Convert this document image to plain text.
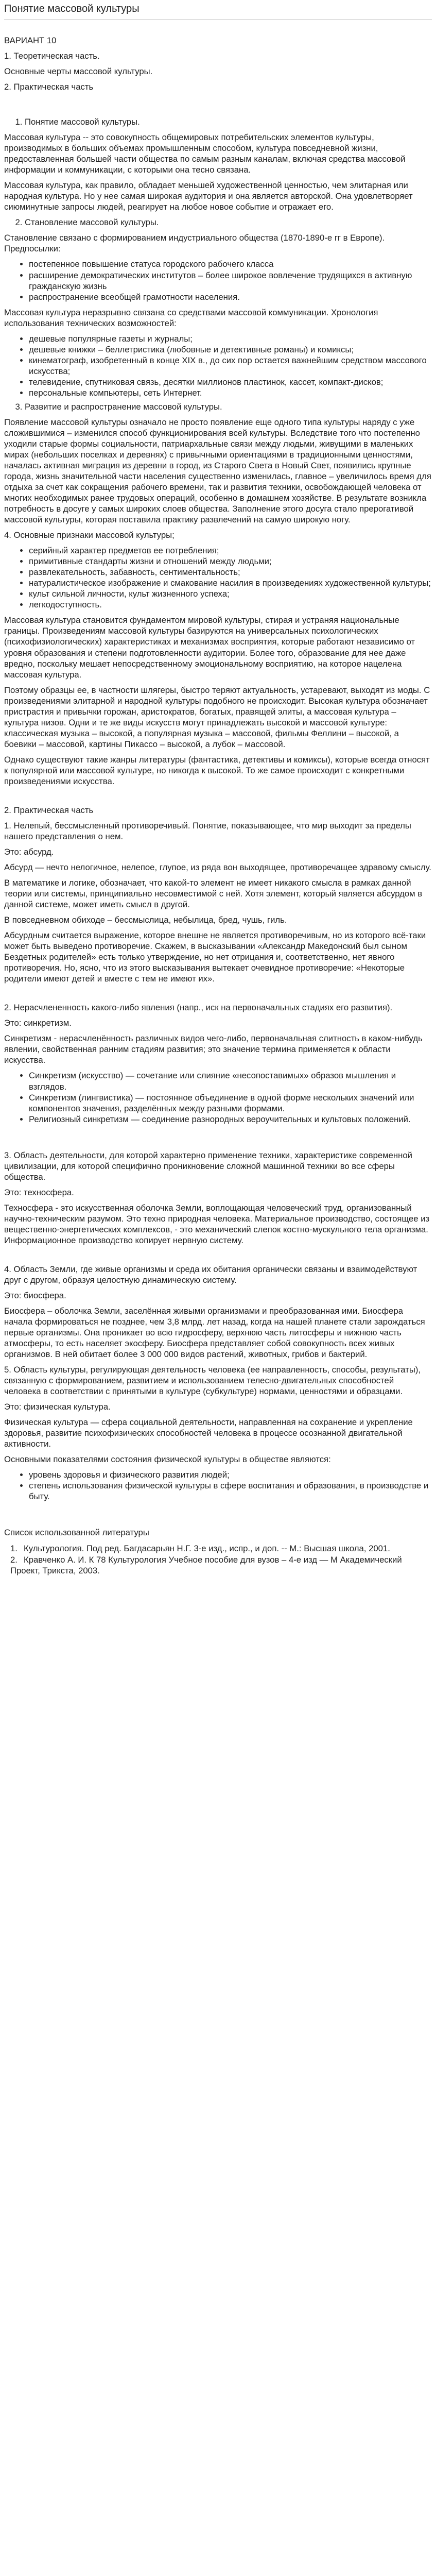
Понятие массовой культуры

ВАРИАНТ 10

1. Теоретическая часть.

Основные черты массовой культуры.

2. Практическая часть

1. Понятие массовой культуры.

Массовая культура -- это совокупность общемировых потребительских элементов культуры, производимых в больших объемах промышленным способом, культура повседневной жизни, предоставленная большей части общества по самым разным каналам, включая средства массовой информации и коммуникации, с которыми она тесно связана.

Массовая культура, как правило, обладает меньшей художественной ценностью, чем элитарная или народная культура. Но у нее самая широкая аудитория и она является авторской. Она удовлетворяет сиюминутные запросы людей, реагирует на любое новое событие и отражает его.

2. Становление массовой культуры.

Становление связано с формированием индустриального общества (1870-1890-е гг в Европе). Предпосылки:

• постепенное повышение статуса городского рабочего класса
• расширение демократических институтов – более широкое вовлечение трудящихся в активную гражданскую жизнь
• распространение всеобщей грамотности населения.

Массовая культура неразрывно связана со средствами массовой коммуникации. Хронология использования технических возможностей:

• дешевые популярные газеты и журналы;
• дешевые книжки – беллетристика (любовные и детективные романы) и комиксы;
• кинематограф, изобретенный в конце XIX в., до сих пор остается важнейшим средством массового искусства;
• телевидение, спутниковая связь, десятки миллионов пластинок, кассет, компакт-дисков;
• персональные компьютеры, сеть Интернет.
3. Развитие и распространение массовой культуры.

Появление массовой культуры означало не просто появление еще одного типа культуры наряду с уже сложившимися – изменился способ функционирования всей культуры. Вследствие того что постепенно уходили старые формы социальности, патриархальные связи между людьми, живущими в маленьких мирах (небольших поселках и деревнях) с привычными ориентациями в традиционными ценностями, началась активная миграция из деревни в город, из Старого Света в Новый Свет, появились крупные города, жизнь значительной части населения существенно изменилась, главное – увеличилось время для отдыха за счет как сокращения рабочего времени, так и развития техники, освобождающей человека от многих необходимых ранее трудовых операций, особенно в домашнем хозяйстве. В результате возникла потребность в досуге у самых широких слоев общества. Заполнение этого досуга стало прерогативой массовой культуры, которая поставила практику развлечений на самую широкую ногу.

4. Основные признаки массовой культуры;

• серийный характер предметов ее потребления;
• примитивные стандарты жизни и отношений между людьми;
• развлекательность, забавность, сентиментальность;
• натуралистическое изображение и смакование насилия в произведениях художественной культуры;
• культ сильной личности, культ жизненного успеха;
• легкодоступность.

Массовая культура становится фундаментом мировой культуры, стирая и устраняя национальные границы. Произведениям массовой культуры базируются на универсальных психологических (психофизиологических) характеристиках и механизмах восприятия, которые работают независимо от уровня образования и степени подготовленности аудитории. Более того, образование для нее даже вредно, поскольку мешает непосредственному эмоциональному восприятию, на которое нацелена массовая культура.

Поэтому образцы ее, в частности шлягеры, быстро теряют актуальность, устаревают, выходят из моды. С произведениями элитарной и народной культуры подобного не происходит. Высокая культура обозначает пристрастия и привычки горожан, аристократов, богатых, правящей элиты, а массовая культура – культура низов. Одни и те же виды искусств могут принадлежать высокой и массовой культуре: классическая музыка – высокой, а популярная музыка – массовой, фильмы Феллини – высокой, а боевики – массовой, картины Пикассо – высокой, а лубок – массовой.

Однако существуют такие жанры литературы (фантастика, детективы и комиксы), которые всегда относят к популярной или массовой культуре, но никогда к высокой. То же самое происходит с конкретными произведениями искусства.

2. Практическая часть

1. Нелепый, бессмысленный противоречивый. Понятие, показывающее, что мир выходит за пределы нашего представления о нем.

Это: абсурд.

Абсурд — нечто нелогичное, нелепое, глупое, из ряда вон выходящее, противоречащее здравому смыслу.

В математике и логике, обозначает, что какой-то элемент не имеет никакого смысла в рамках данной теории или системы, принципиально несовместимой с ней. Хотя элемент, который является абсурдом в данной системе, может иметь смысл в другой.

В повседневном обиходе – бессмыслица, небылица, бред, чушь, гиль.

Абсурдным считается выражение, которое внешне не является противоречивым, но из которого всё-таки может быть выведено противоречие. Скажем, в высказывании «Александр Македонский был сыном Бездетных родителей» есть только утверждение, но нет отрицания и, соответственно, нет явного противоречия. Но, ясно, что из этого высказывания вытекает очевидное противоречие: «Некоторые родители имеют детей и вместе с тем не имеют их».

2. Нерасчлененность какого-либо явления (напр., иск на первоначальных стадиях его развития).

Это: синкретизм.

Синкретизм - нерасчленённость различных видов чего-либо, первоначальная слитность в каком-нибудь явлении, свойственная ранним стадиям развития; это значение термина применяется к области искусства.

• Синкретизм (искусство) — сочетание или слияние «несопоставимых» образов мышления и взглядов.
• Синкретизм (лингвистика) — постоянное объединение в одной форме нескольких значений или компонентов значения, разделённых между разными формами.
• Религиозный синкретизм — соединение разнородных вероучительных и культовых положений.

3. Область деятельности, для которой характерно применение техники, характеристике современной цивилизации, для которой специфично проникновение сложной машинной техники во все сферы общества.

Это: техносфера.

Техносфера - это искусственная оболочка Земли, воплощающая человеческий труд, организованный научно-техническим разумом. Это техно природная человека. Материальное производство, состоящее из вещественно-энергетических комплексов, - это механический слепок костно-мускульного тела организма. Информационное производство копирует нервную систему.

4. Область Земли, где живые организмы и среда их обитания органически связаны и взаимодействуют друг с другом, образуя целостную динамическую систему.

Это: биосфера.

Биосфера – оболочка Земли, заселённая живыми организмами и преобразованная ими. Биосфера начала формироваться не позднее, чем 3,8 млрд. лет назад, когда на нашей планете стали зарождаться первые организмы. Она проникает во всю гидросферу, верхнюю часть литосферы и нижнюю часть атмосферы, то есть населяет экосферу. Биосфера представляет собой совокупность всех живых организмов. В ней обитает более 3 000 000 видов растений, животных, грибов и бактерий.

5. Область культуры, регулирующая деятельность человека (ее направленность, способы, результаты), связанную с формированием, развитием и использованием телесно-двигательных способностей человека в соответствии с принятыми в культуре (субкультуре) нормами, ценностями и образцами.

Это: физическая культура.

Физическая культура — сфера социальной деятельности, направленная на сохранение и укрепление здоровья, развитие психофизических способностей человека в процессе осознанной двигательной активности.

Основными показателями состояния физической культуры в обществе являются:

• уровень здоровья и физического развития людей;
• степень использования физической культуры в сфере воспитания и образования, в производстве и быту.

Список использованной литературы

1. Культурология. Под ред. Багдасарьян Н.Г. 3-е изд., испр., и доп. -- М.: Высшая школа, 2001.
2. Кравченко А. И. К 78 Культурология Учебное пособие для вузов – 4-е изд — М Академический Проект, Трикста, 2003.
